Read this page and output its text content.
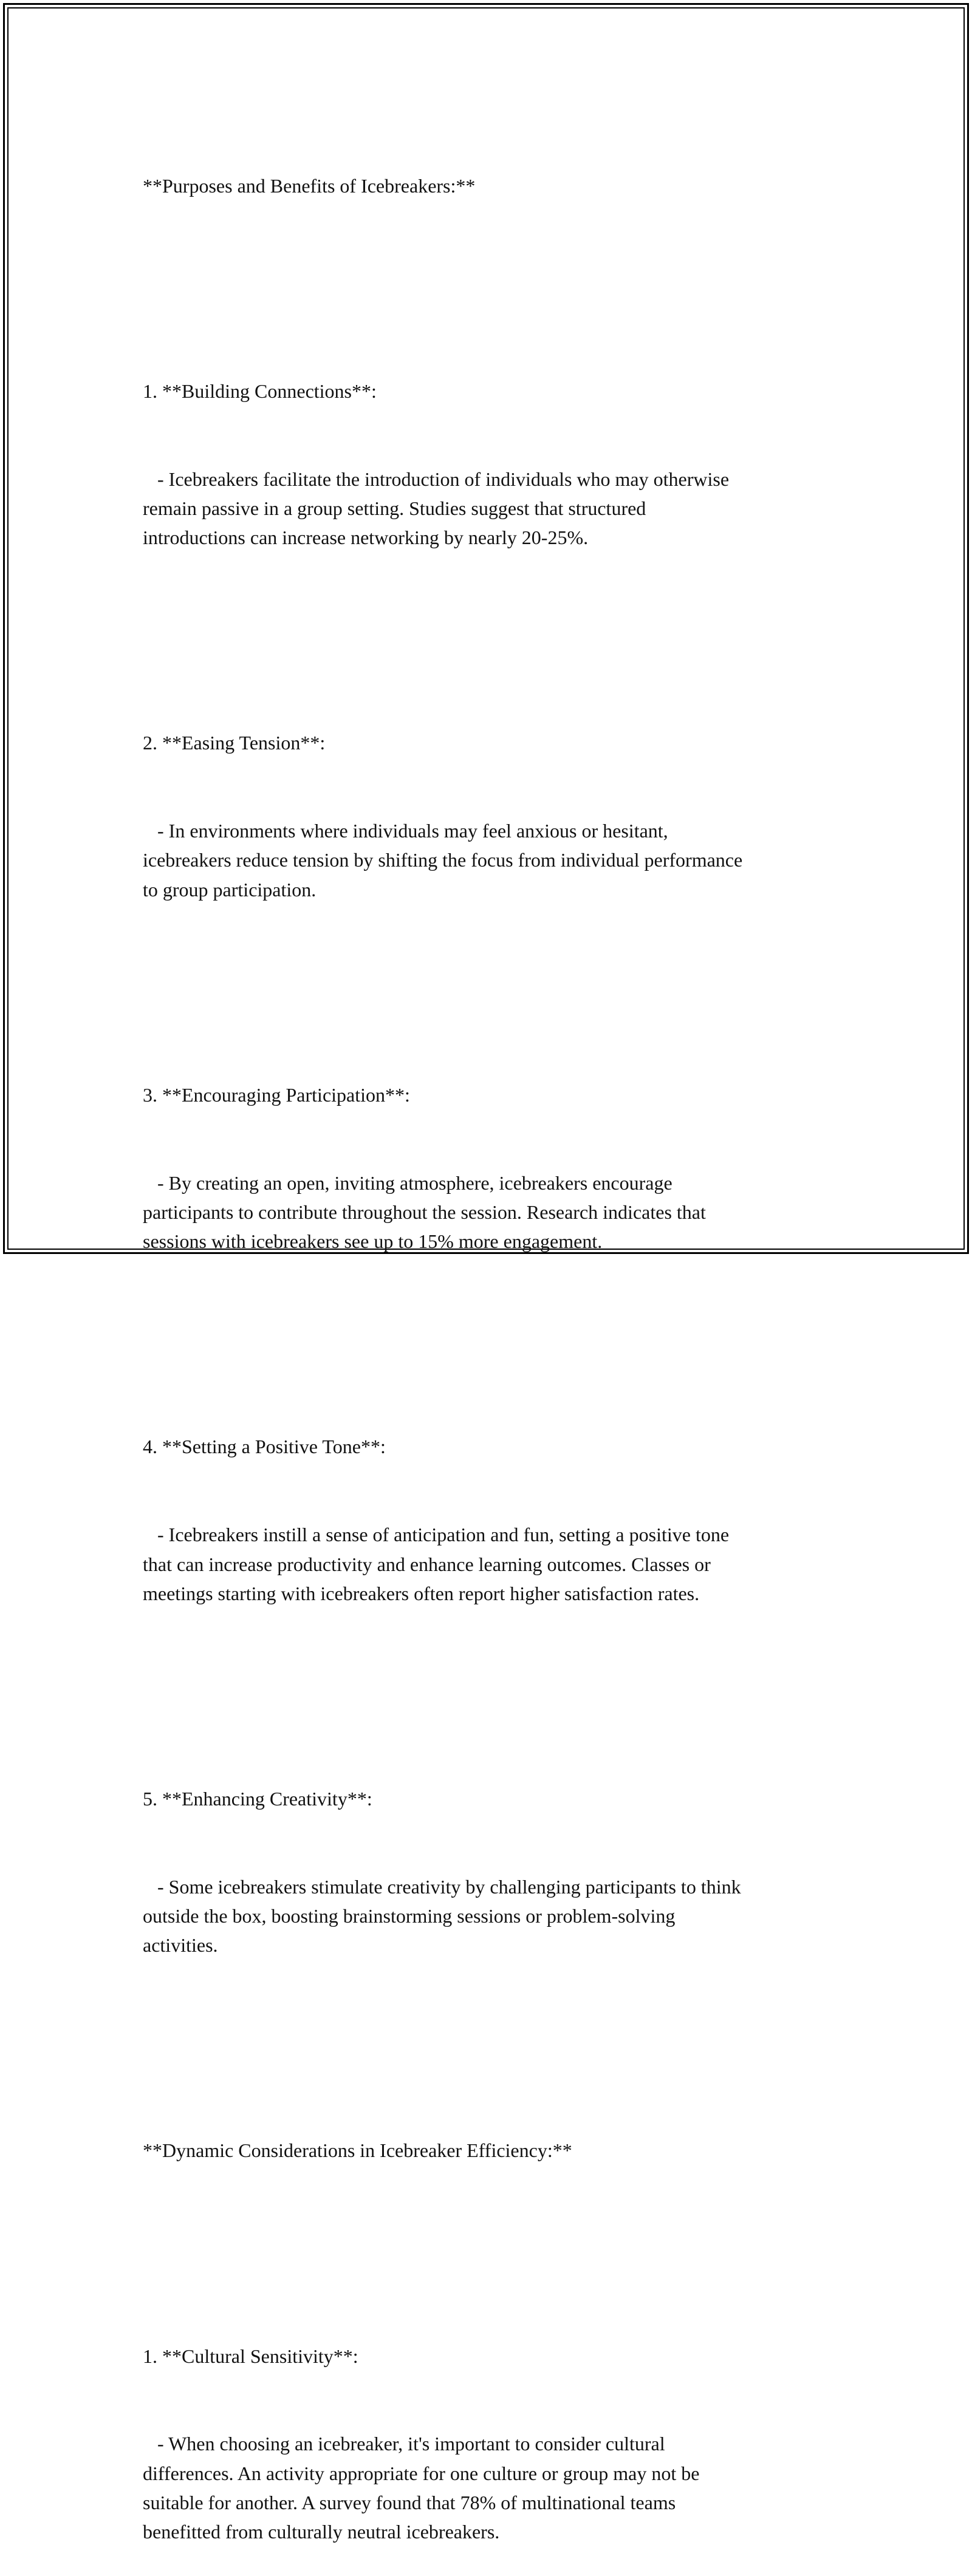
**Purposes and Benefits of Icebreakers:**

1. **Building Connections**:

- Icebreakers facilitate the introduction of individuals who may otherwise
remain passive in a group setting. Studies suggest that structured
introductions can increase networking by nearly 20-25%.

2. **Easing Tension**:

- In environments where individuals may feel anxious or hesitant,
icebreakers reduce tension by shifting the focus from individual performance
to group participation.

3. **Encouraging Participation**:

- By creating an open, inviting atmosphere, icebreakers encourage
participants to contribute throughout the session. Research indicates that
sessions with icebreakers see up to 15% more engagement.

4. **Setting a Positive Tone**:

- Icebreakers instill a sense of anticipation and fun, setting a positive tone
that can increase productivity and enhance learning outcomes. Classes or
meetings starting with icebreakers often report higher satisfaction rates.

5. **Enhancing Creativity**:

- Some icebreakers stimulate creativity by challenging participants to think
outside the box, boosting brainstorming sessions or problem-solving
activities.

**Dynamic Considerations in Icebreaker Efficiency:**

1. **Cultural Sensitivity**:

- When choosing an icebreaker, it's important to consider cultural
differences. An activity appropriate for one culture or group may not be
suitable for another. A survey found that 78% of multinational teams
benefitted from culturally neutral icebreakers.
